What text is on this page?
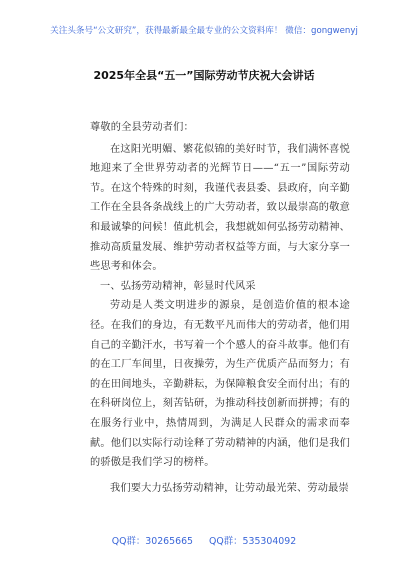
关注头条号“公文研究”，获得最新最全最专业的公文资料库！ 微信：gongwenyj
2025年全县“五一”国际劳动节庆祝大会讲话

尊敬的全县劳动者们：

在这阳光明媚、繁花似锦的美好时节，我们满怀喜悦地迎来了全世界劳动者的光辉节日——“五一”国际劳动节。在这个特殊的时刻，我谨代表县委、县政府，向辛勤工作在全县各条战线上的广大劳动者，致以最崇高的敬意和最诚挚的问候！值此机会，我想就如何弘扬劳动精神、推动高质量发展、维护劳动者权益等方面，与大家分享一些思考和体会。

一、弘扬劳动精神，彰显时代风采

劳动是人类文明进步的源泉，是创造价值的根本途径。在我们的身边，有无数平凡而伟大的劳动者，他们用自己的辛勤汗水，书写着一个个感人的奋斗故事。他们有的在工厂车间里，日夜操劳，为生产优质产品而努力；有的在田间地头，辛勤耕耘，为保障粮食安全而付出；有的在科研岗位上，刻苦钻研，为推动科技创新而拼搏；有的在服务行业中，热情周到，为满足人民群众的需求而奉献。他们以实际行动诠释了劳动精神的内涵，他们是我们的骄傲是我们学习的榜样。

我们要大力弘扬劳动精神，让劳动最光荣、劳动最崇

QQ群：30265665 QQ群：535304092
